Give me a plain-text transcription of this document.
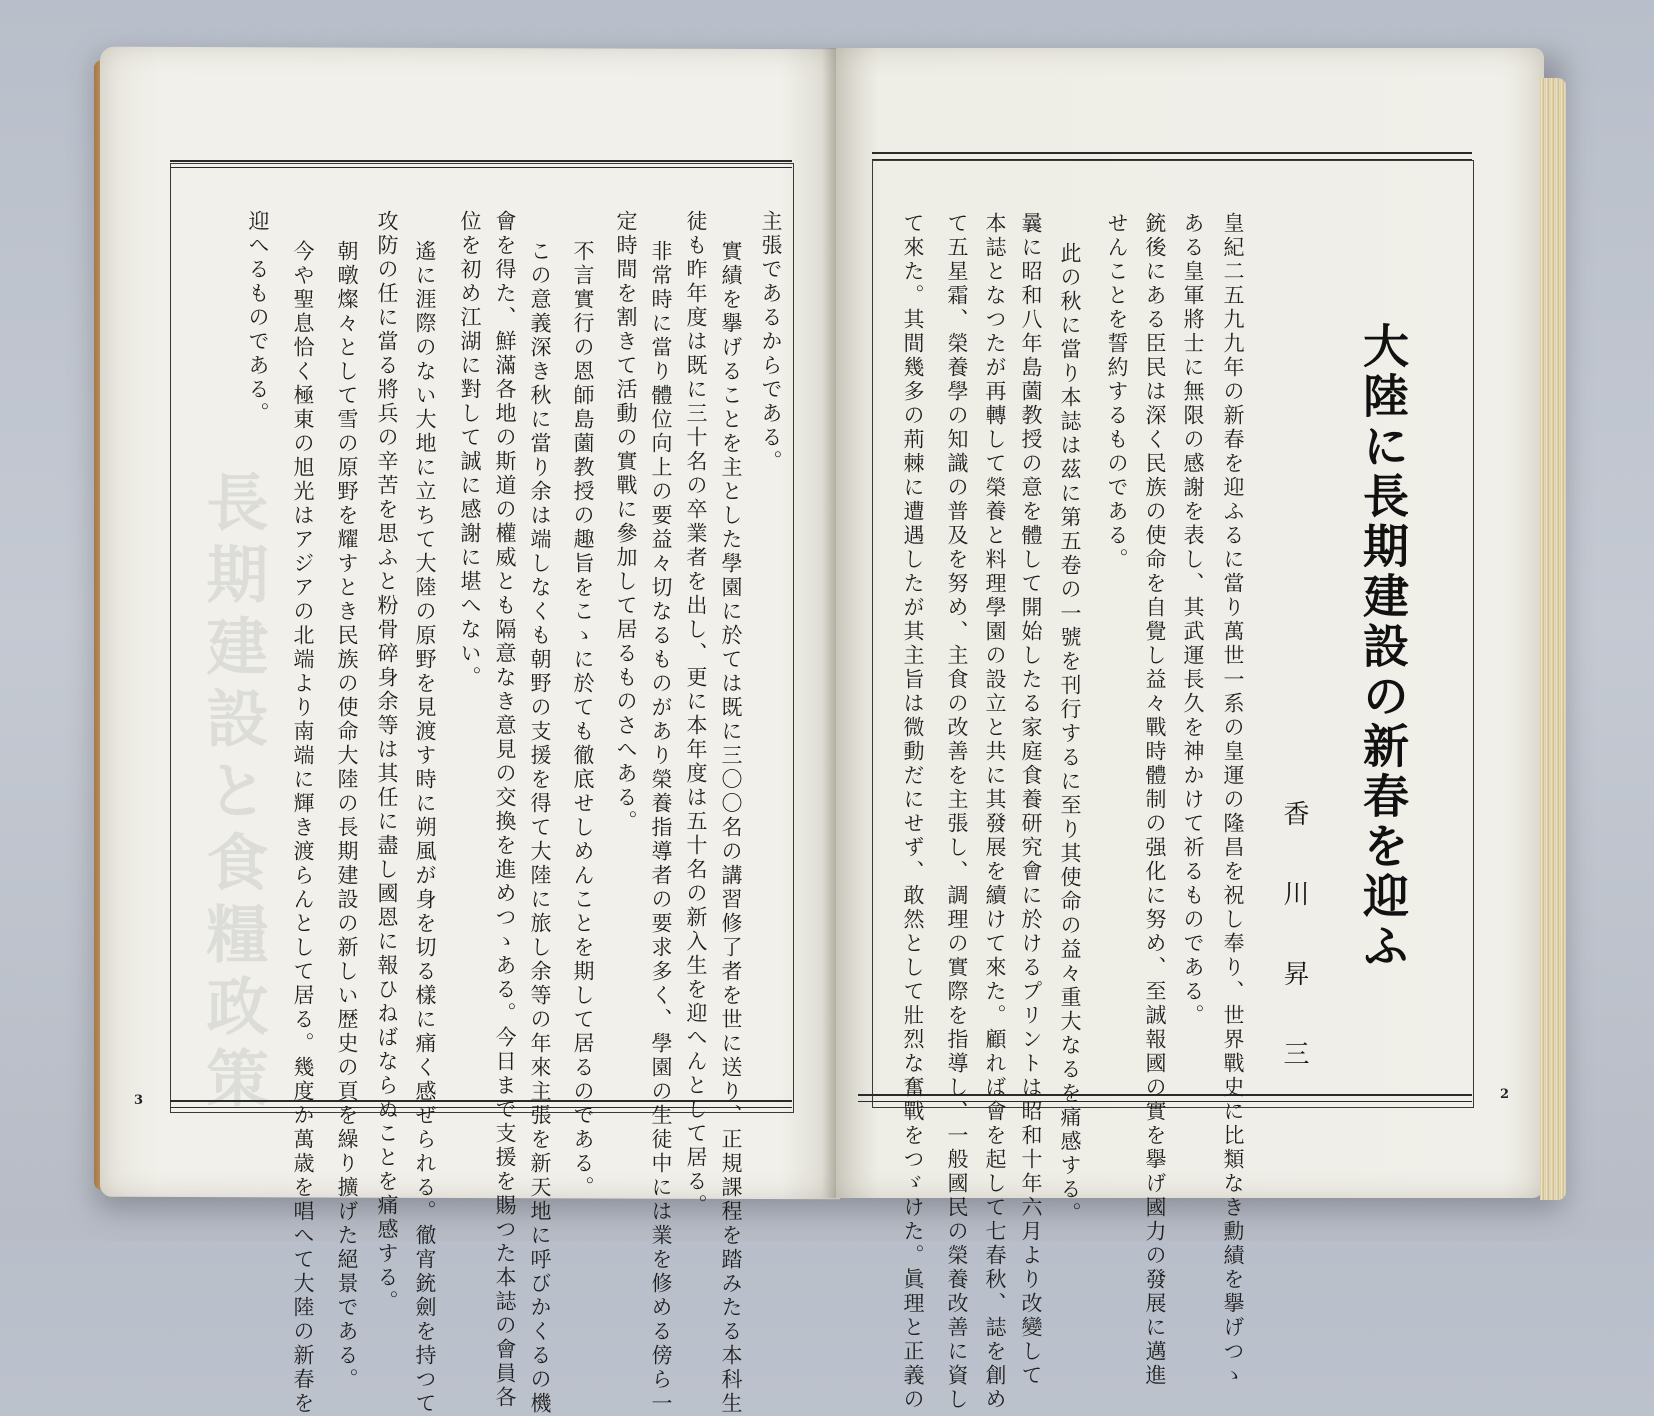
長期建設と食糧政策
主張であるからである。
實績を擧げることを主とした學園に於ては既に三〇〇名の講習修了者を世に送り、正規課程を踏みたる本科生
徒も昨年度は既に三十名の卒業者を出し、更に本年度は五十名の新入生を迎へんとして居る。
非常時に當り體位向上の要益々切なるものがあり榮養指導者の要求多く、學園の生徒中には業を修める傍ら一
定時間を割きて活動の實戰に參加して居るものさへある。
不言實行の恩師島薗教授の趣旨をこゝに於ても徹底せしめんことを期して居るのである。
この意義深き秋に當り余は端しなくも朝野の支援を得て大陸に旅し余等の年來主張を新天地に呼びかくるの機
會を得た、鮮滿各地の斯道の權威とも隔意なき意見の交換を進めつゝある。今日まで支援を賜つた本誌の會員各
位を初め江湖に對して誠に感謝に堪へない。
遙に涯際のない大地に立ちて大陸の原野を見渡す時に朔風が身を切る樣に痛く感ぜられる。徹宵銃劍を持つて
攻防の任に當る將兵の辛苦を思ふと粉骨碎身余等は其任に盡し國恩に報ひねばならぬことを痛感する。
朝暾燦々として雪の原野を耀すとき民族の使命大陸の長期建設の新しい歴史の頁を繰り擴げた絕景である。
今や聖息恰く極東の旭光はアジアの北端より南端に輝き渡らんとして居る。幾度か萬歳を唱へて大陸の新春を
迎へるものである。
3	皇紀二五九九年の新春を迎ふるに當り萬世一系の皇運の隆昌を祝し奉り、世界戰史に比類なき勳績を擧げつゝ
ある皇軍將士に無限の感謝を表し、其武運長久を神かけて祈るものである。
銃後にある臣民は深く民族の使命を自覺し益々戰時體制の强化に努め、至誠報國の實を擧げ國力の發展に邁進
せんことを誓約するものである。
此の秋に當り本誌は茲に第五卷の一號を刊行するに至り其使命の益々重大なるを痛感する。
曩に昭和八年島薗教授の意を體して開始したる家庭食養研究會に於けるプリントは昭和十年六月より改變して
本誌となつたが再轉して榮養と料理學園の設立と共に其發展を續けて來た。顧れば會を起して七春秋、誌を創め
て五星霜、榮養學の知識の普及を努め、主食の改善を主張し、調理の實際を指導し、一般國民の榮養改善に資し
て來た。其間幾多の荊棘に遭遇したが其主旨は微動だにせず、敢然として壯烈な奮戰をつゞけた。眞理と正義の	大陸に長期建設の新春を迎ふ
香川昇三	2
